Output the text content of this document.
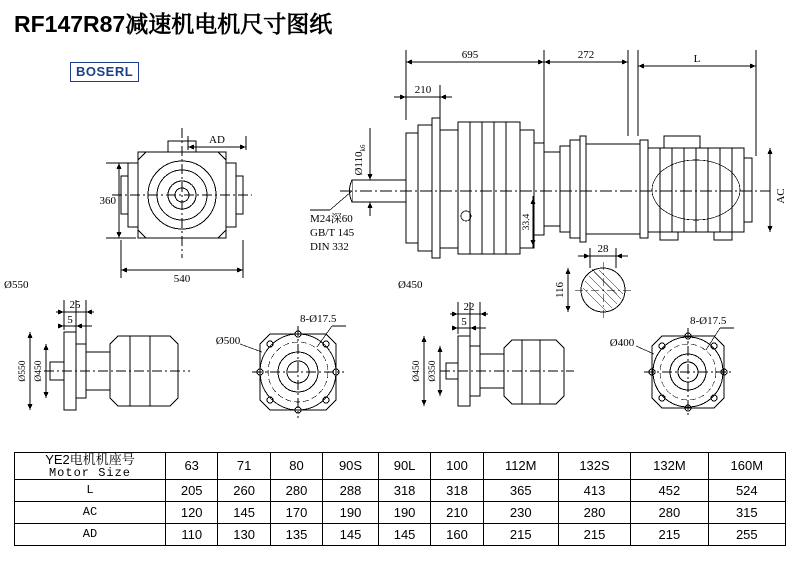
RF147R87减速机电机尺寸图纸
BOSERL
AD
360
540
695
210
272	L
AC
$Ø110_{k6}$
M24深60
GB/T 145
DIN 332
33.4
28
116
Ø550	Ø450
25
5
Ø550 Ø450
Ø500
8-Ø17.5
22
5
Ø450 Ø350
Ø400
8-Ø17.5
YE2电机机座号
Motor Size	63	71	80	90S	90L	100	112M	132S	132M	160M
L	205	260	280	288	318	318	365	413	452	524
AC	120	145	170	190	190	210	230	280	280	315
AD	110	130	135	145	145	160	215	215	215	255
